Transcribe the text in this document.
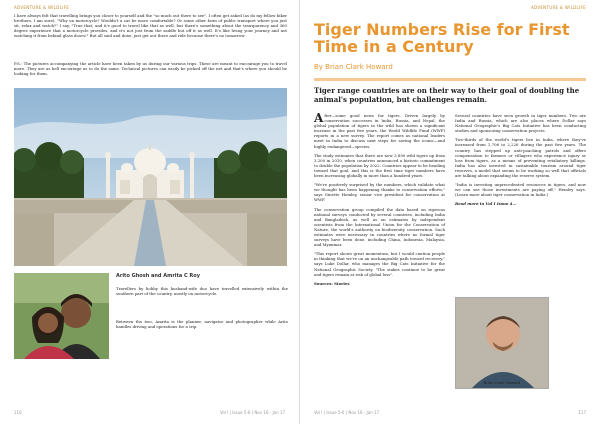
ADVENTURE & WILDLIFE

I have always felt that travelling brings you closer to yourself and the "so much out there to see". I often get asked (as do my fellow biker brothers, I am sure), "Why on motorcycle? Wouldn't a car be more comfortable? Or some other form of public transport where you just sit, relax and watch?" I say, "True that; and it's good to travel like that as well, but there's something about the transparency and 360 degree experience that a motorcycle provides, and it's not just from the saddle but off it as well. It's like living your journey and not watching it from behind glass doors!" But all said and done, just get out there and ride because there's no tomorrow.

P.S.: The pictures accompanying the article have been taken by us during our various trips. These are meant to encourage you to travel more. They are as hell encourage us to do the same. Technical pictures can easily be picked off the net and that's where you should be looking for them.

Arito Ghosh and Amrita C Roy

Travellers by hobby this husband-wife duo have travelled extensively within the southern part of the country, mostly on motorcycle.

Between the two, Amrita is the planner, navigator and photographer while Arito handles driving and operations for a trip.

116	Vol I | Issue 5-6 | Nov 16 - Jan 17
ADVENTURE & WILDLIFE
Tiger Numbers Rise for First Time in a Century
By Brian Clark Howard

Tiger range countries are on their way to their goal of doubling the animal's population, but challenges remain.

After—some good news for tigers. Driven largely by conservation successes in India, Russia, and Nepal, the global population of tigers in the wild has shown a significant increase in the past five years, the World Wildlife Fund (WWF) reports in a new survey. The report comes as national leaders meet in India to discuss next steps for saving the iconic—and highly endangered—species.

The study estimates that there are now 3,890 wild tigers up from 3,200 in 2010, when countries announced a historic commitment to double the population by 2022. Countries appear to be heading toward that goal, and this is the first time tiger numbers have been increasing globally in more than a hundred years.

"We're positively surprised by the numbers, which validate what we thought has been happening thanks to conservation efforts," says Ginette Hemley, senior vice president for conservation at WWF.

The conservation group compiled the data based on rigorous national surveys conducted by several countries, including India and Bangladesh, as well as on estimates by independent scientists from the International Union for the Conservation of Nature, the world's authority on biodiversity conservation. Such estimates were necessary in countries where no formal tiger surveys have been done, including China, Indonesia, Malaysia, and Myanmar.

"This report shows great momentum, but I would caution people in thinking that we're on an unchangeable path toward recovery," says Luke Dollar, who manages the Big Cats Initiative for the National Geographic Society. "The stakes continue to be great and tigers remain at risk of global loss".

Sources: Stories

Several countries have seen growth in tiger numbers. Two are India and Russia, which are also places where Dollar says National Geographic's Big Cats Initiative has been conducting studies and sponsoring conservation projects.

Two-thirds of the world's tigers live in India, where they've increased from 1,706 to 2,226 during the past five years. The country has stepped up anti-poaching patrols and offers compensation to farmers or villagers who experience injury or loss from tigers, as a means of preventing retaliatory killings. India has also invested in sustainable tourism around tiger reserves, a model that seems to be working so well that officials are talking about expanding the reserve system.

"India is investing unprecedented resources in tigers, and now we can see those investments are paying off," Hemley says. (Learn more about tiger conservation in India.)

Read more in Vol I Issue 4...

Brian Clark Howard
Vol I | Issue 5-6 | Nov 16 - Jan 17	117
